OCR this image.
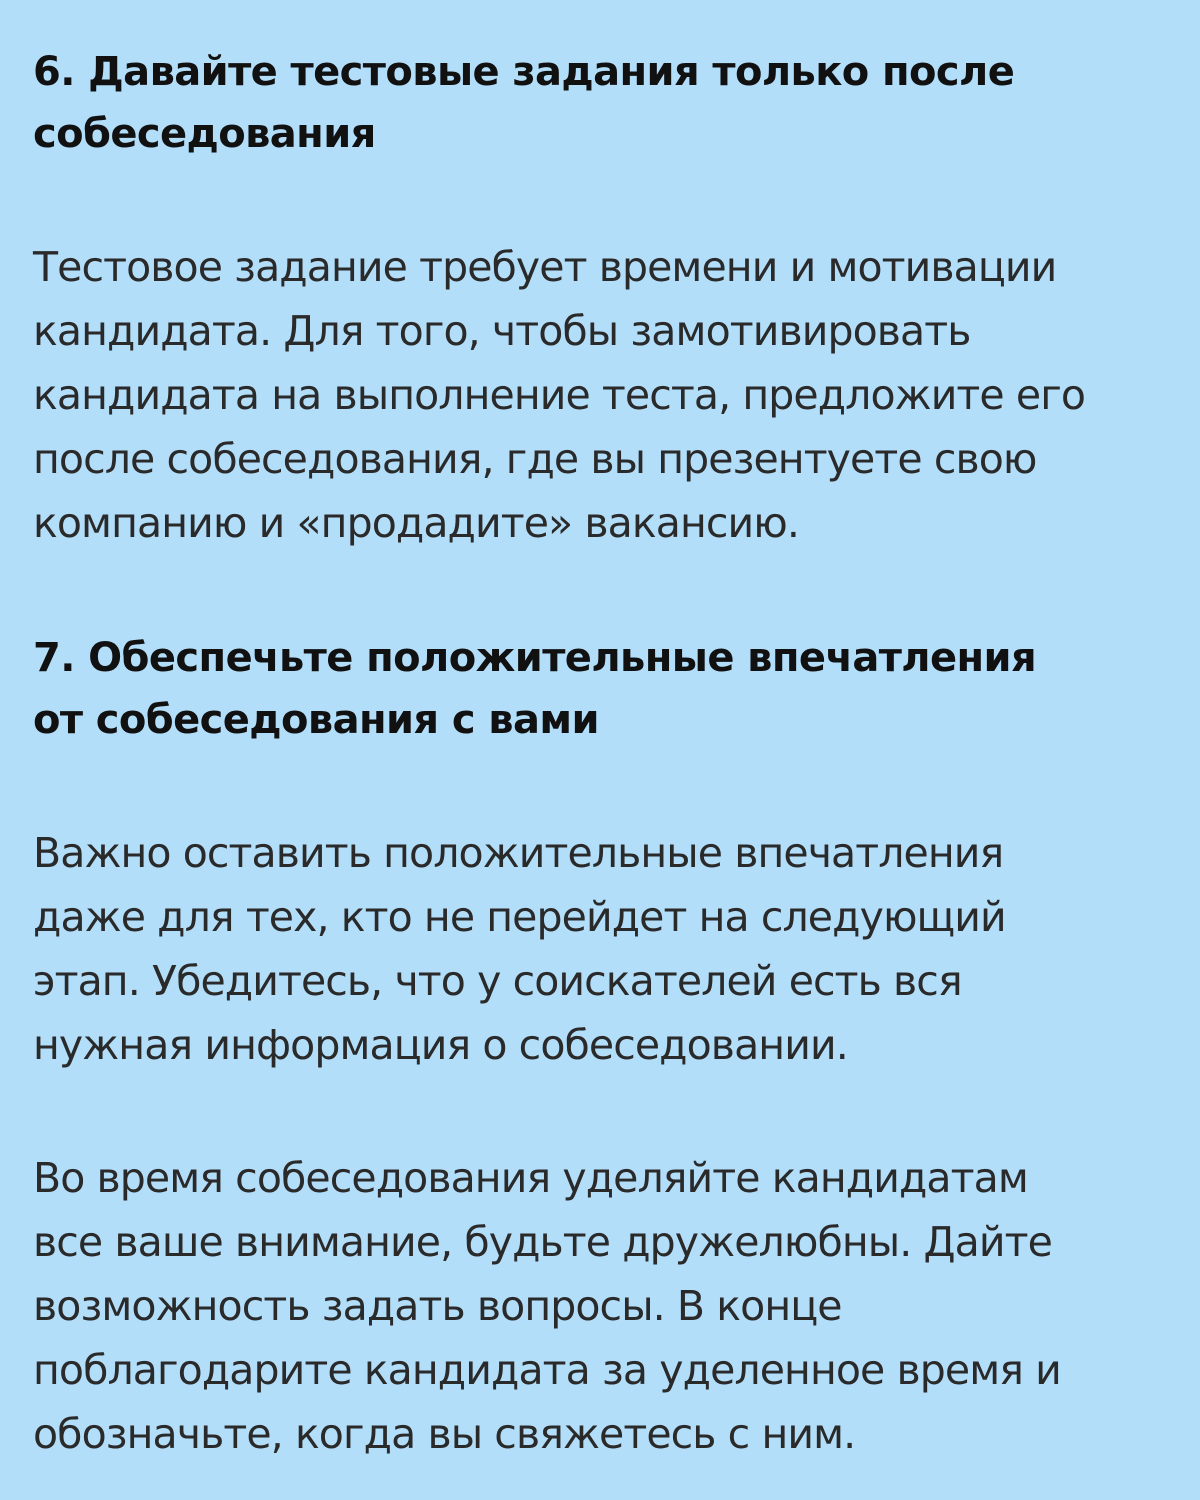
6. Давайте тестовые задания только после

собеседования

Тестовое задание требует времени и мотивации

кандидата. Для того, чтобы замотивировать

кандидата на выполнение теста, предложите его

после собеседования, где вы презентуете свою

компанию и «продадите» вакансию.

7. Обеспечьте положительные впечатления

от собеседования с вами

Важно оставить положительные впечатления

даже для тех, кто не перейдет на следующий

этап. Убедитесь, что у соискателей есть вся

нужная информация о собеседовании.

Во время собеседования уделяйте кандидатам

все ваше внимание, будьте дружелюбны. Дайте

возможность задать вопросы. В конце

поблагодарите кандидата за уделенное время и

обозначьте, когда вы свяжетесь с ним.
